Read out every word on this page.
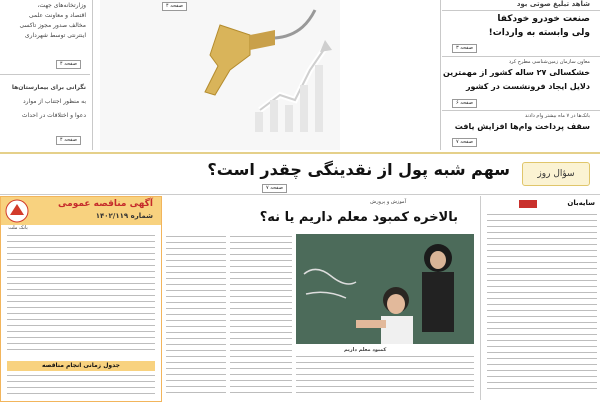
وزارتخانه‌های جهت،
اقتصاد و معاونت علمی
مخالف صدور مجوز تاکسی
اینترنتی توسط شهرداری
صفحه ۴
نگرانی برای بیمارستان‌ها
به منظور اجتناب از موارد
دعوا و اختلافات در احداث
صفحه ۴
صفحه ۴	شاهد تبلیغ صوتی بود
صنعت خودرو خودکفا
ولی وابسته به واردات!
صفحه ۳
معاون سازمان زمین‌شناسی مطرح کرد
خشکسالی ۲۷ ساله کشور از مهمترین
دلایل ایجاد فرونشست در کشور
صفحه ۶
بانک‌ها در ۷ ماه بیشتر وام دادند
سقف پرداخت وام‌ها افزایش یافت
صفحه ۷
سؤال روز
سهم شبه پول از نقدینگی چقدر است؟
صفحه ۷
آگهی مناقصه عمومی
شماره ۱۴۰۲/۱۱۹
بانک ملت
جدول زمانی انجام مناقصه
آموزش و پرورش
بالاخره کمبود معلم داریم یا نه؟
کمبود معلم داریم
سایه‌بان
